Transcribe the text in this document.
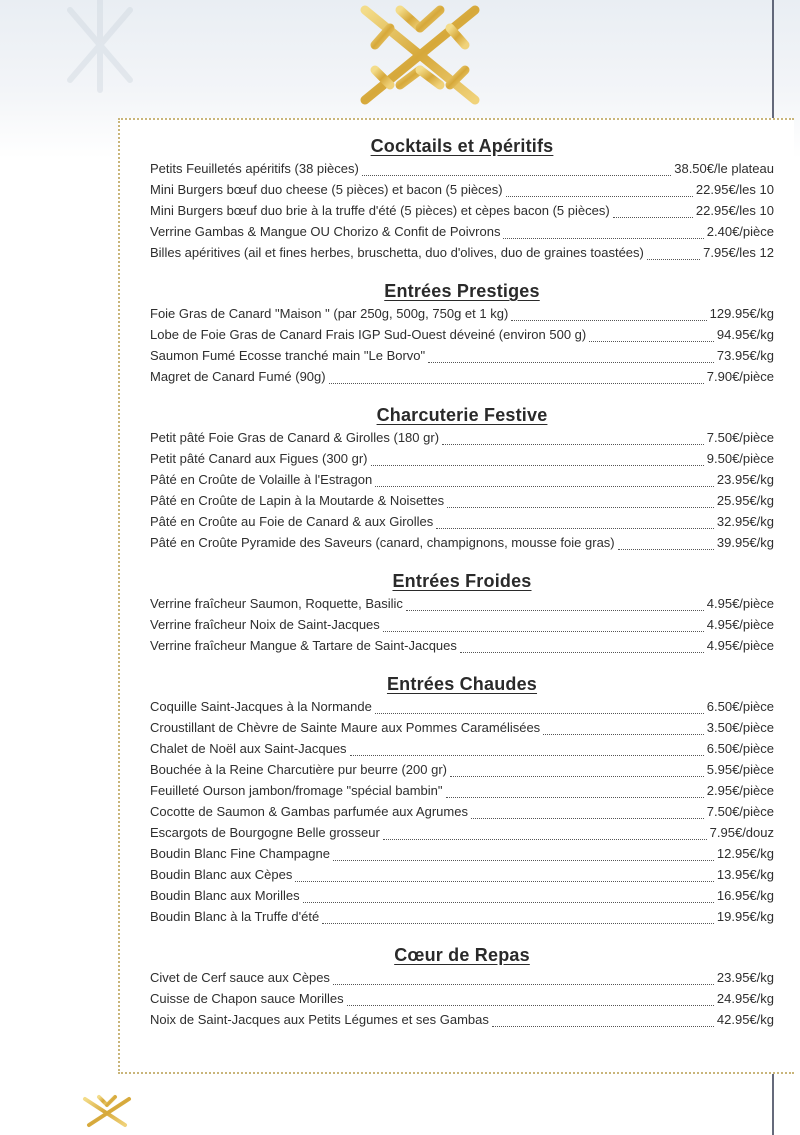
Cocktails et Apéritifs
Petits Feuilletés apéritifs (38 pièces)	38.50€/le plateau
Mini Burgers bœuf duo cheese (5 pièces) et bacon (5 pièces)	22.95€/les 10
Mini Burgers bœuf duo brie à la truffe d'été (5 pièces) et cèpes bacon (5 pièces)	22.95€/les 10
Verrine Gambas & Mangue OU Chorizo & Confit de Poivrons	2.40€/pièce
Billes apéritives (ail et fines herbes, bruschetta, duo d'olives, duo de graines toastées)	7.95€/les 12
Entrées Prestiges
Foie Gras de Canard "Maison " (par 250g, 500g, 750g et 1 kg)	129.95€/kg
Lobe de Foie Gras de Canard Frais IGP Sud-Ouest déveiné (environ 500 g)	94.95€/kg
Saumon Fumé Ecosse tranché main "Le Borvo"	73.95€/kg
Magret de Canard Fumé (90g)	7.90€/pièce
Charcuterie Festive
Petit pâté Foie Gras de Canard & Girolles (180 gr)	7.50€/pièce
Petit pâté Canard aux Figues (300 gr)	9.50€/pièce
Pâté en Croûte de Volaille à l'Estragon	23.95€/kg
Pâté en Croûte de Lapin à la Moutarde & Noisettes	25.95€/kg
Pâté en Croûte au Foie de Canard & aux Girolles	32.95€/kg
Pâté en Croûte Pyramide des Saveurs (canard, champignons, mousse foie gras)	39.95€/kg
Entrées Froides
Verrine fraîcheur Saumon, Roquette, Basilic	4.95€/pièce
Verrine fraîcheur Noix de Saint-Jacques	4.95€/pièce
Verrine fraîcheur Mangue & Tartare de Saint-Jacques	4.95€/pièce
Entrées Chaudes
Coquille Saint-Jacques à la Normande	6.50€/pièce
Croustillant de Chèvre de Sainte Maure aux Pommes Caramélisées	3.50€/pièce
Chalet de Noël aux Saint-Jacques	6.50€/pièce
Bouchée à la Reine Charcutière pur beurre (200 gr)	5.95€/pièce
Feuilleté Ourson jambon/fromage "spécial bambin"	2.95€/pièce
Cocotte de Saumon & Gambas parfumée aux Agrumes	7.50€/pièce
Escargots de Bourgogne Belle grosseur	7.95€/douz
Boudin Blanc Fine Champagne	12.95€/kg
Boudin Blanc aux Cèpes	13.95€/kg
Boudin Blanc aux Morilles	16.95€/kg
Boudin Blanc à la Truffe d'été	19.95€/kg
Cœur de Repas
Civet de Cerf sauce aux Cèpes	23.95€/kg
Cuisse de Chapon sauce Morilles	24.95€/kg
Noix de Saint-Jacques aux Petits Légumes et ses Gambas	42.95€/kg
